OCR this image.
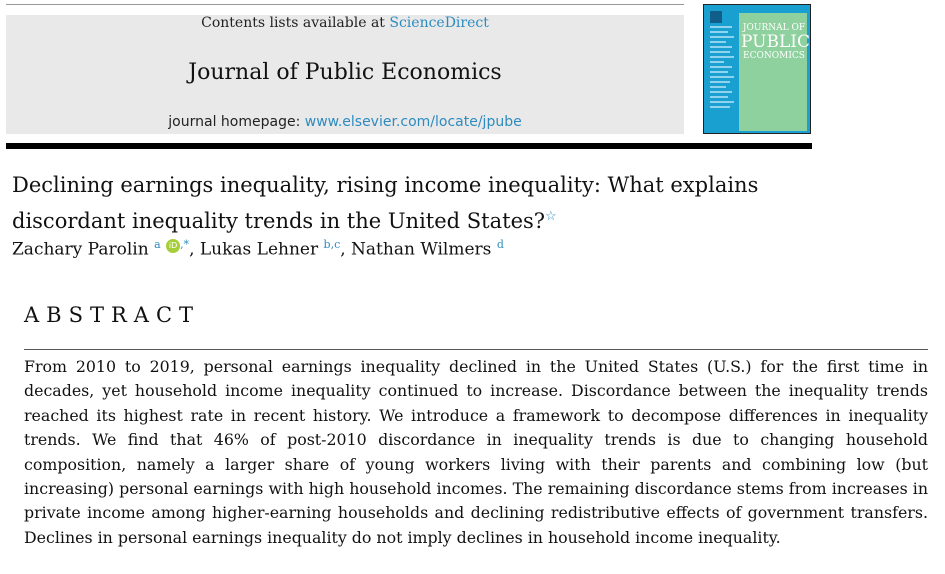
Contents lists available at ScienceDirect
Journal of Public Economics
journal homepage: www.elsevier.com/locate/jpube
JOURNAL OF
PUBLIC
ECONOMICS
Declining earnings inequality, rising income inequality: What explains
discordant inequality trends in the United States?☆
Zachary Parolin $^a$ iD ,*, Lukas Lehner $^{b,c}$, Nathan Wilmers $^d$
ABSTRACT
From 2010 to 2019, personal earnings inequality declined in the United States (U.S.) for the first time in decades, yet household income inequality continued to increase. Discordance between the inequality trends reached its highest rate in recent history. We introduce a framework to decompose differences in inequality trends. We find that 46% of post-2010 discordance in inequality trends is due to changing household composition, namely a larger share of young workers living with their parents and combining low (but increasing) personal earnings with high household incomes. The remaining discordance stems from increases in private income among higher-earning households and declining redistributive effects of government transfers. Declines in personal earnings inequality do not imply declines in household income inequality.
